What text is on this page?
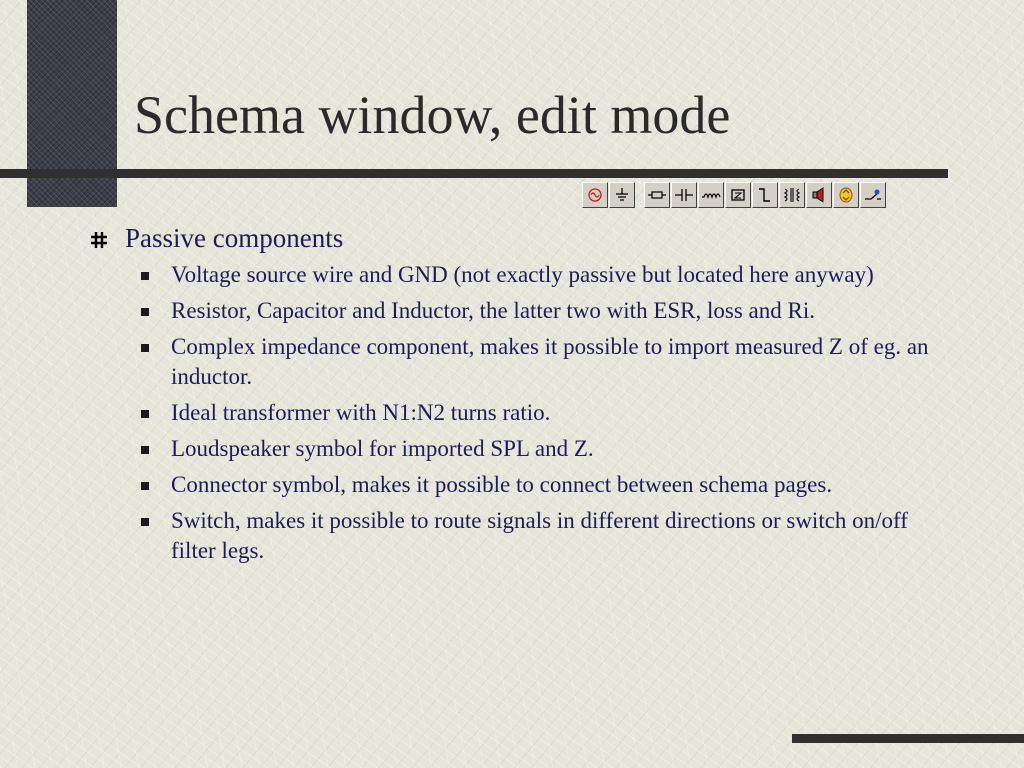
Schema window, edit mode
Passive components
Voltage source wire and GND (not exactly passive but located here anyway)
Resistor, Capacitor and Inductor, the latter two with ESR, loss and Ri.
Complex impedance component, makes it possible to import measured Z of eg. an inductor.
Ideal transformer with N1:N2 turns ratio.
Loudspeaker symbol for imported SPL and Z.
Connector symbol, makes it possible to connect between schema pages.
Switch, makes it possible to route signals in different directions or switch on/off filter legs.
